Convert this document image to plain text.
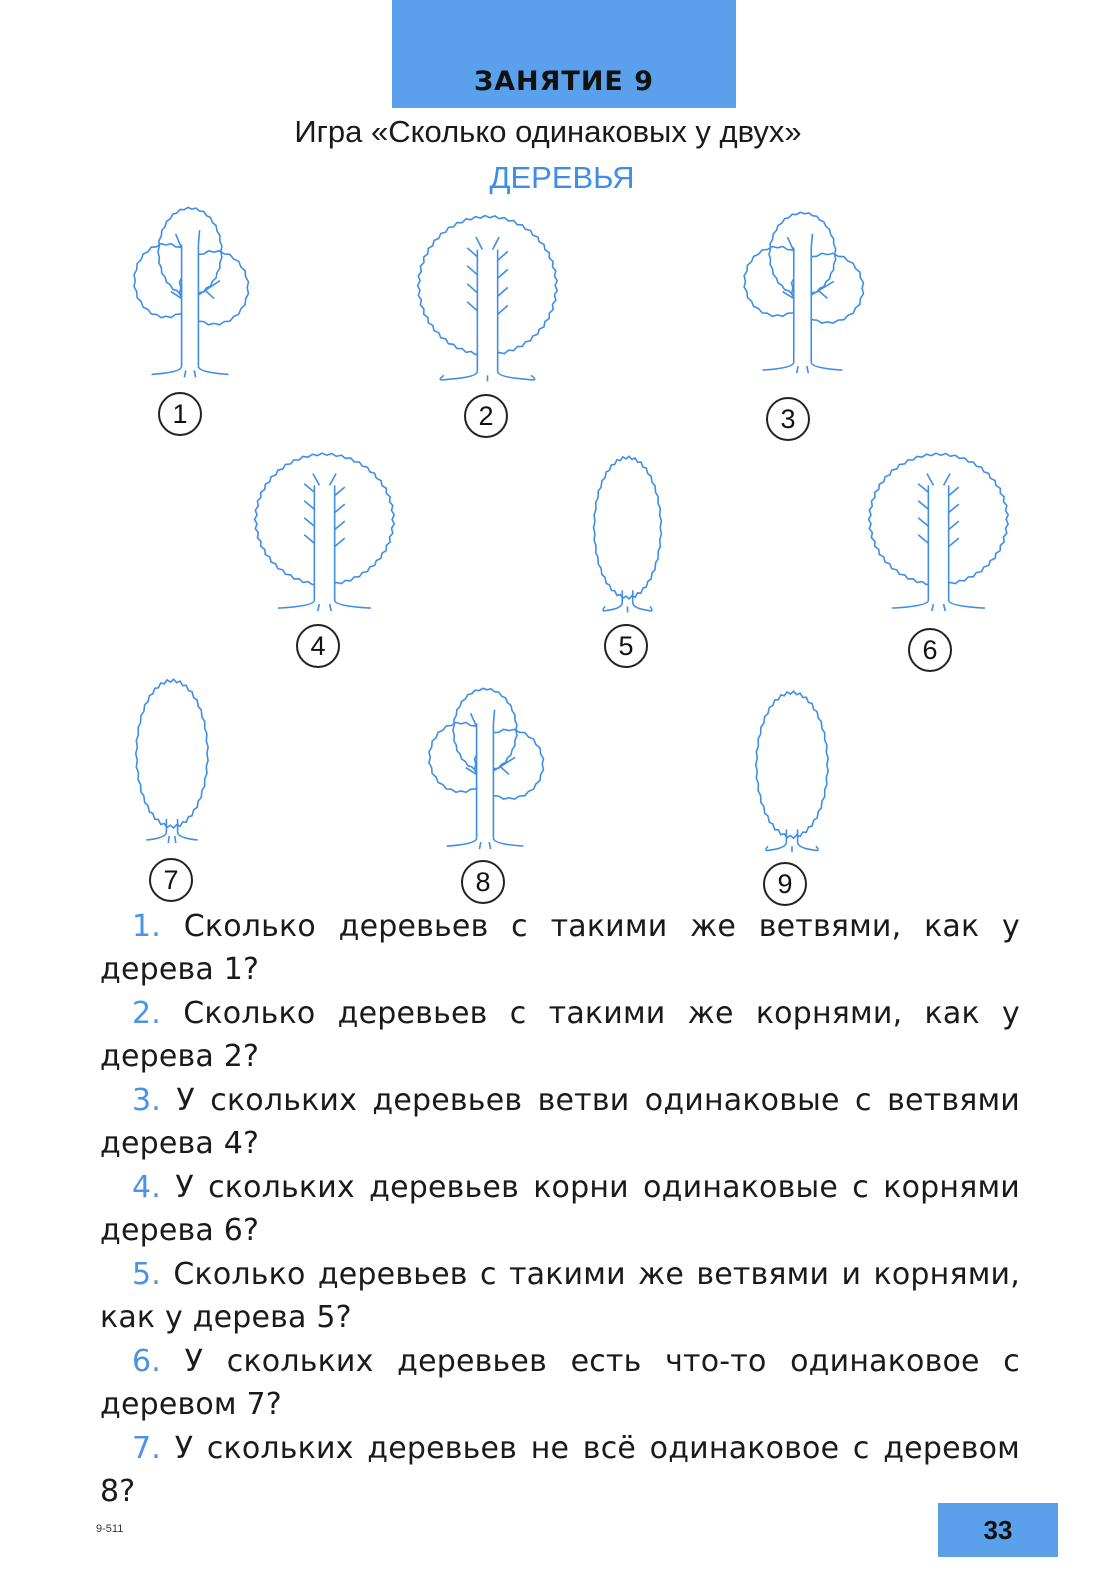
ЗАНЯТИЕ 9
Игра «Сколько одинаковых у двух»
ДЕРЕВЬЯ
1	2	3
4	5	6
7	8	9

1. Сколько деревьев с такими же ветвями, как у дерева 1?

2. Сколько деревьев с такими же корнями, как у дерева 2?

3. У скольких деревьев ветви одинаковые с ветвями дерева 4?

4. У скольких деревьев корни одинаковые с корнями дерева 6?

5. Сколько деревьев с такими же ветвями и корнями, как у дерева 5?

6. У скольких деревьев есть что-то одинаковое с деревом 7?

7. У скольких деревьев не всё одинаковое с деревом 8?

9-511	33
